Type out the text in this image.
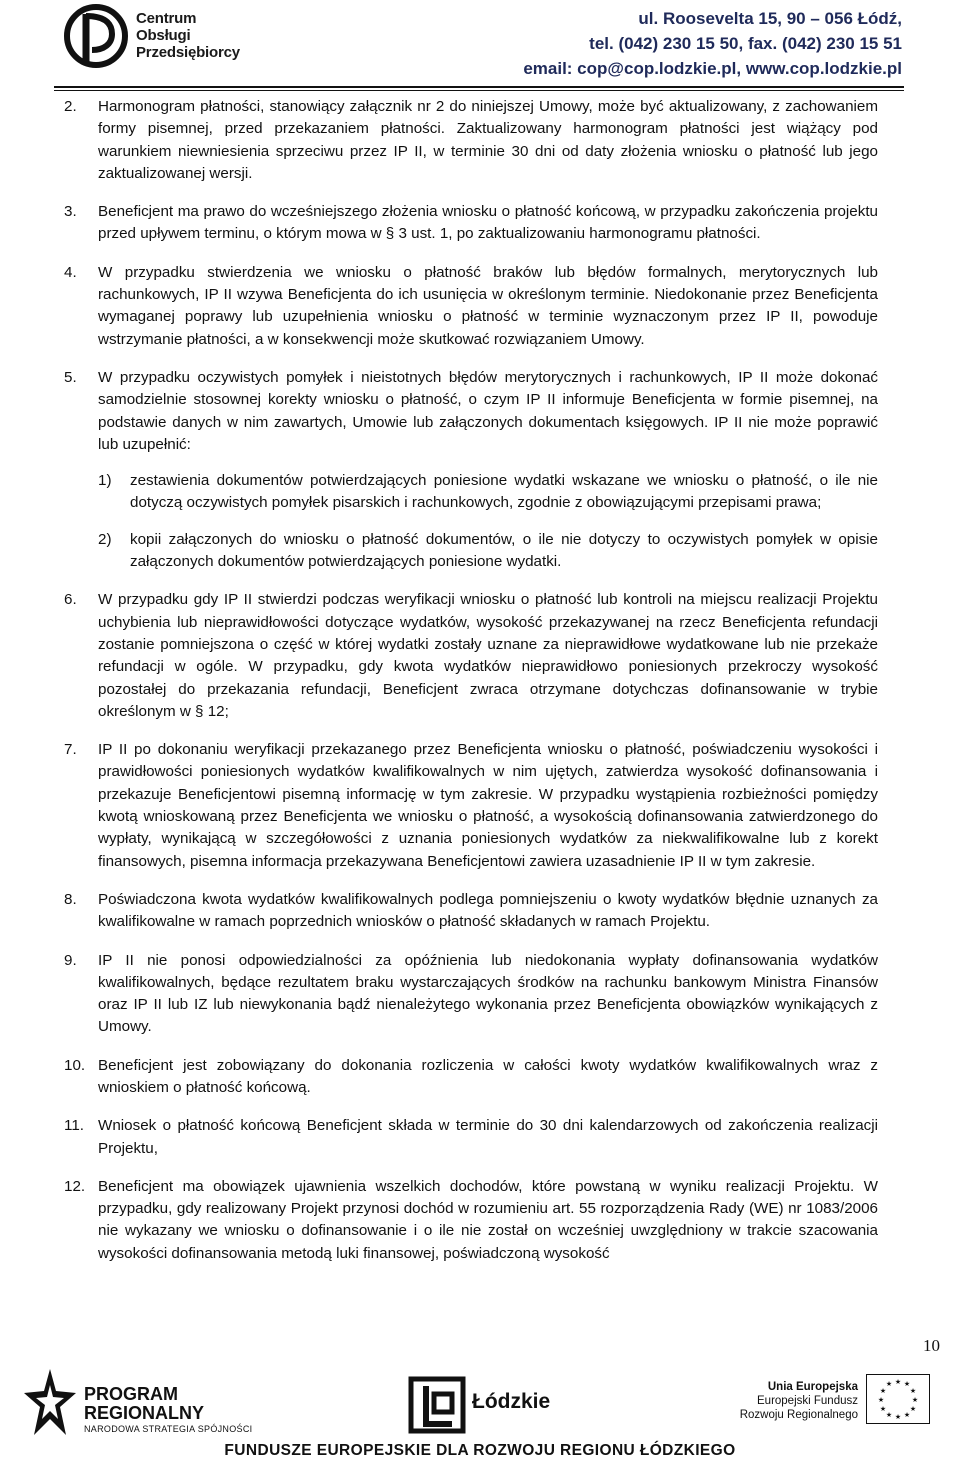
Centrum
Obsługi
Przedsiębiorcy
ul. Roosevelta 15, 90 – 056 Łódź,
tel. (042) 230 15 50, fax. (042) 230 15 51
email: cop@cop.lodzkie.pl, www.cop.lodzkie.pl
2. Harmonogram płatności, stanowiący załącznik nr 2 do niniejszej Umowy, może być aktualizowany, z zachowaniem formy pisemnej, przed przekazaniem płatności. Zaktualizowany harmonogram płatności jest wiążący pod warunkiem niewniesienia sprzeciwu przez IP II, w terminie 30 dni od daty złożenia wniosku o płatność lub jego zaktualizowanej wersji.

3. Beneficjent ma prawo do wcześniejszego złożenia wniosku o płatność końcową, w przypadku zakończenia projektu przed upływem terminu, o którym mowa w § 3 ust. 1, po zaktualizowaniu harmonogramu płatności.

4. W przypadku stwierdzenia we wniosku o płatność braków lub błędów formalnych, merytorycznych lub rachunkowych, IP II wzywa Beneficjenta do ich usunięcia w określonym terminie. Niedokonanie przez Beneficjenta wymaganej poprawy lub uzupełnienia wniosku o płatność w terminie wyznaczonym przez IP II, powoduje wstrzymanie płatności, a w konsekwencji może skutkować rozwiązaniem Umowy.

5. W przypadku oczywistych pomyłek i nieistotnych błędów merytorycznych i rachunkowych, IP II może dokonać samodzielnie stosownej korekty wniosku o płatność, o czym IP II informuje Beneficjenta w formie pisemnej, na podstawie danych w nim zawartych, Umowie lub załączonych dokumentach księgowych. IP II nie może poprawić lub uzupełnić:

1) zestawienia dokumentów potwierdzających poniesione wydatki wskazane we wniosku o płatność, o ile nie dotyczą oczywistych pomyłek pisarskich i rachunkowych, zgodnie z obowiązującymi przepisami prawa;

2) kopii załączonych do wniosku o płatność dokumentów, o ile nie dotyczy to oczywistych pomyłek w opisie załączonych dokumentów potwierdzających poniesione wydatki.

6. W przypadku gdy IP II stwierdzi podczas weryfikacji wniosku o płatność lub kontroli na miejscu realizacji Projektu uchybienia lub nieprawidłowości dotyczące wydatków, wysokość przekazywanej na rzecz Beneficjenta refundacji zostanie pomniejszona o część w której wydatki zostały uznane za nieprawidłowe wydatkowane lub nie przekaże refundacji w ogóle. W przypadku, gdy kwota wydatków nieprawidłowo poniesionych przekroczy wysokość pozostałej do przekazania refundacji, Beneficjent zwraca otrzymane dotychczas dofinansowanie w trybie określonym w § 12;

7. IP II po dokonaniu weryfikacji przekazanego przez Beneficjenta wniosku o płatność, poświadczeniu wysokości i prawidłowości poniesionych wydatków kwalifikowalnych w nim ujętych, zatwierdza wysokość dofinansowania i przekazuje Beneficjentowi pisemną informację w tym zakresie. W przypadku wystąpienia rozbieżności pomiędzy kwotą wnioskowaną przez Beneficjenta we wniosku o płatność, a wysokością dofinansowania zatwierdzonego do wypłaty, wynikającą w szczegółowości z uznania poniesionych wydatków za niekwalifikowalne lub z korekt finansowych, pisemna informacja przekazywana Beneficjentowi zawiera uzasadnienie IP II w tym zakresie.

8. Poświadczona kwota wydatków kwalifikowalnych podlega pomniejszeniu o kwoty wydatków błędnie uznanych za kwalifikowalne w ramach poprzednich wniosków o płatność składanych w ramach Projektu.

9. IP II nie ponosi odpowiedzialności za opóźnienia lub niedokonania wypłaty dofinansowania wydatków kwalifikowalnych, będące rezultatem braku wystarczających środków na rachunku bankowym Ministra Finansów oraz IP II lub IZ lub niewykonania bądź nienależytego wykonania przez Beneficjenta obowiązków wynikających z Umowy.

10. Beneficjent jest zobowiązany do dokonania rozliczenia w całości kwoty wydatków kwalifikowalnych wraz z wnioskiem o płatność końcową.

11. Wniosek o płatność końcową Beneficjent składa w terminie do 30 dni kalendarzowych od zakończenia realizacji Projektu,

12. Beneficjent ma obowiązek ujawnienia wszelkich dochodów, które powstaną w wyniku realizacji Projektu. W przypadku, gdy realizowany Projekt przynosi dochód w rozumieniu art. 55 rozporządzenia Rady (WE) nr 1083/2006 nie wykazany we wniosku o dofinansowanie i o ile nie został on wcześniej uwzględniony w trakcie szacowania wysokości dofinansowania metodą luki finansowej, poświadczoną wysokość

10
PROGRAM
REGIONALNY
NARODOWA STRATEGIA SPÓJNOŚCI
Łódzkie
Unia Europejska
Europejski Fundusz
Rozwoju Regionalnego
★ ★
★
★
★
★
★
★
★
★
★
★
FUNDUSZE EUROPEJSKIE DLA ROZWOJU REGIONU ŁÓDZKIEGO
